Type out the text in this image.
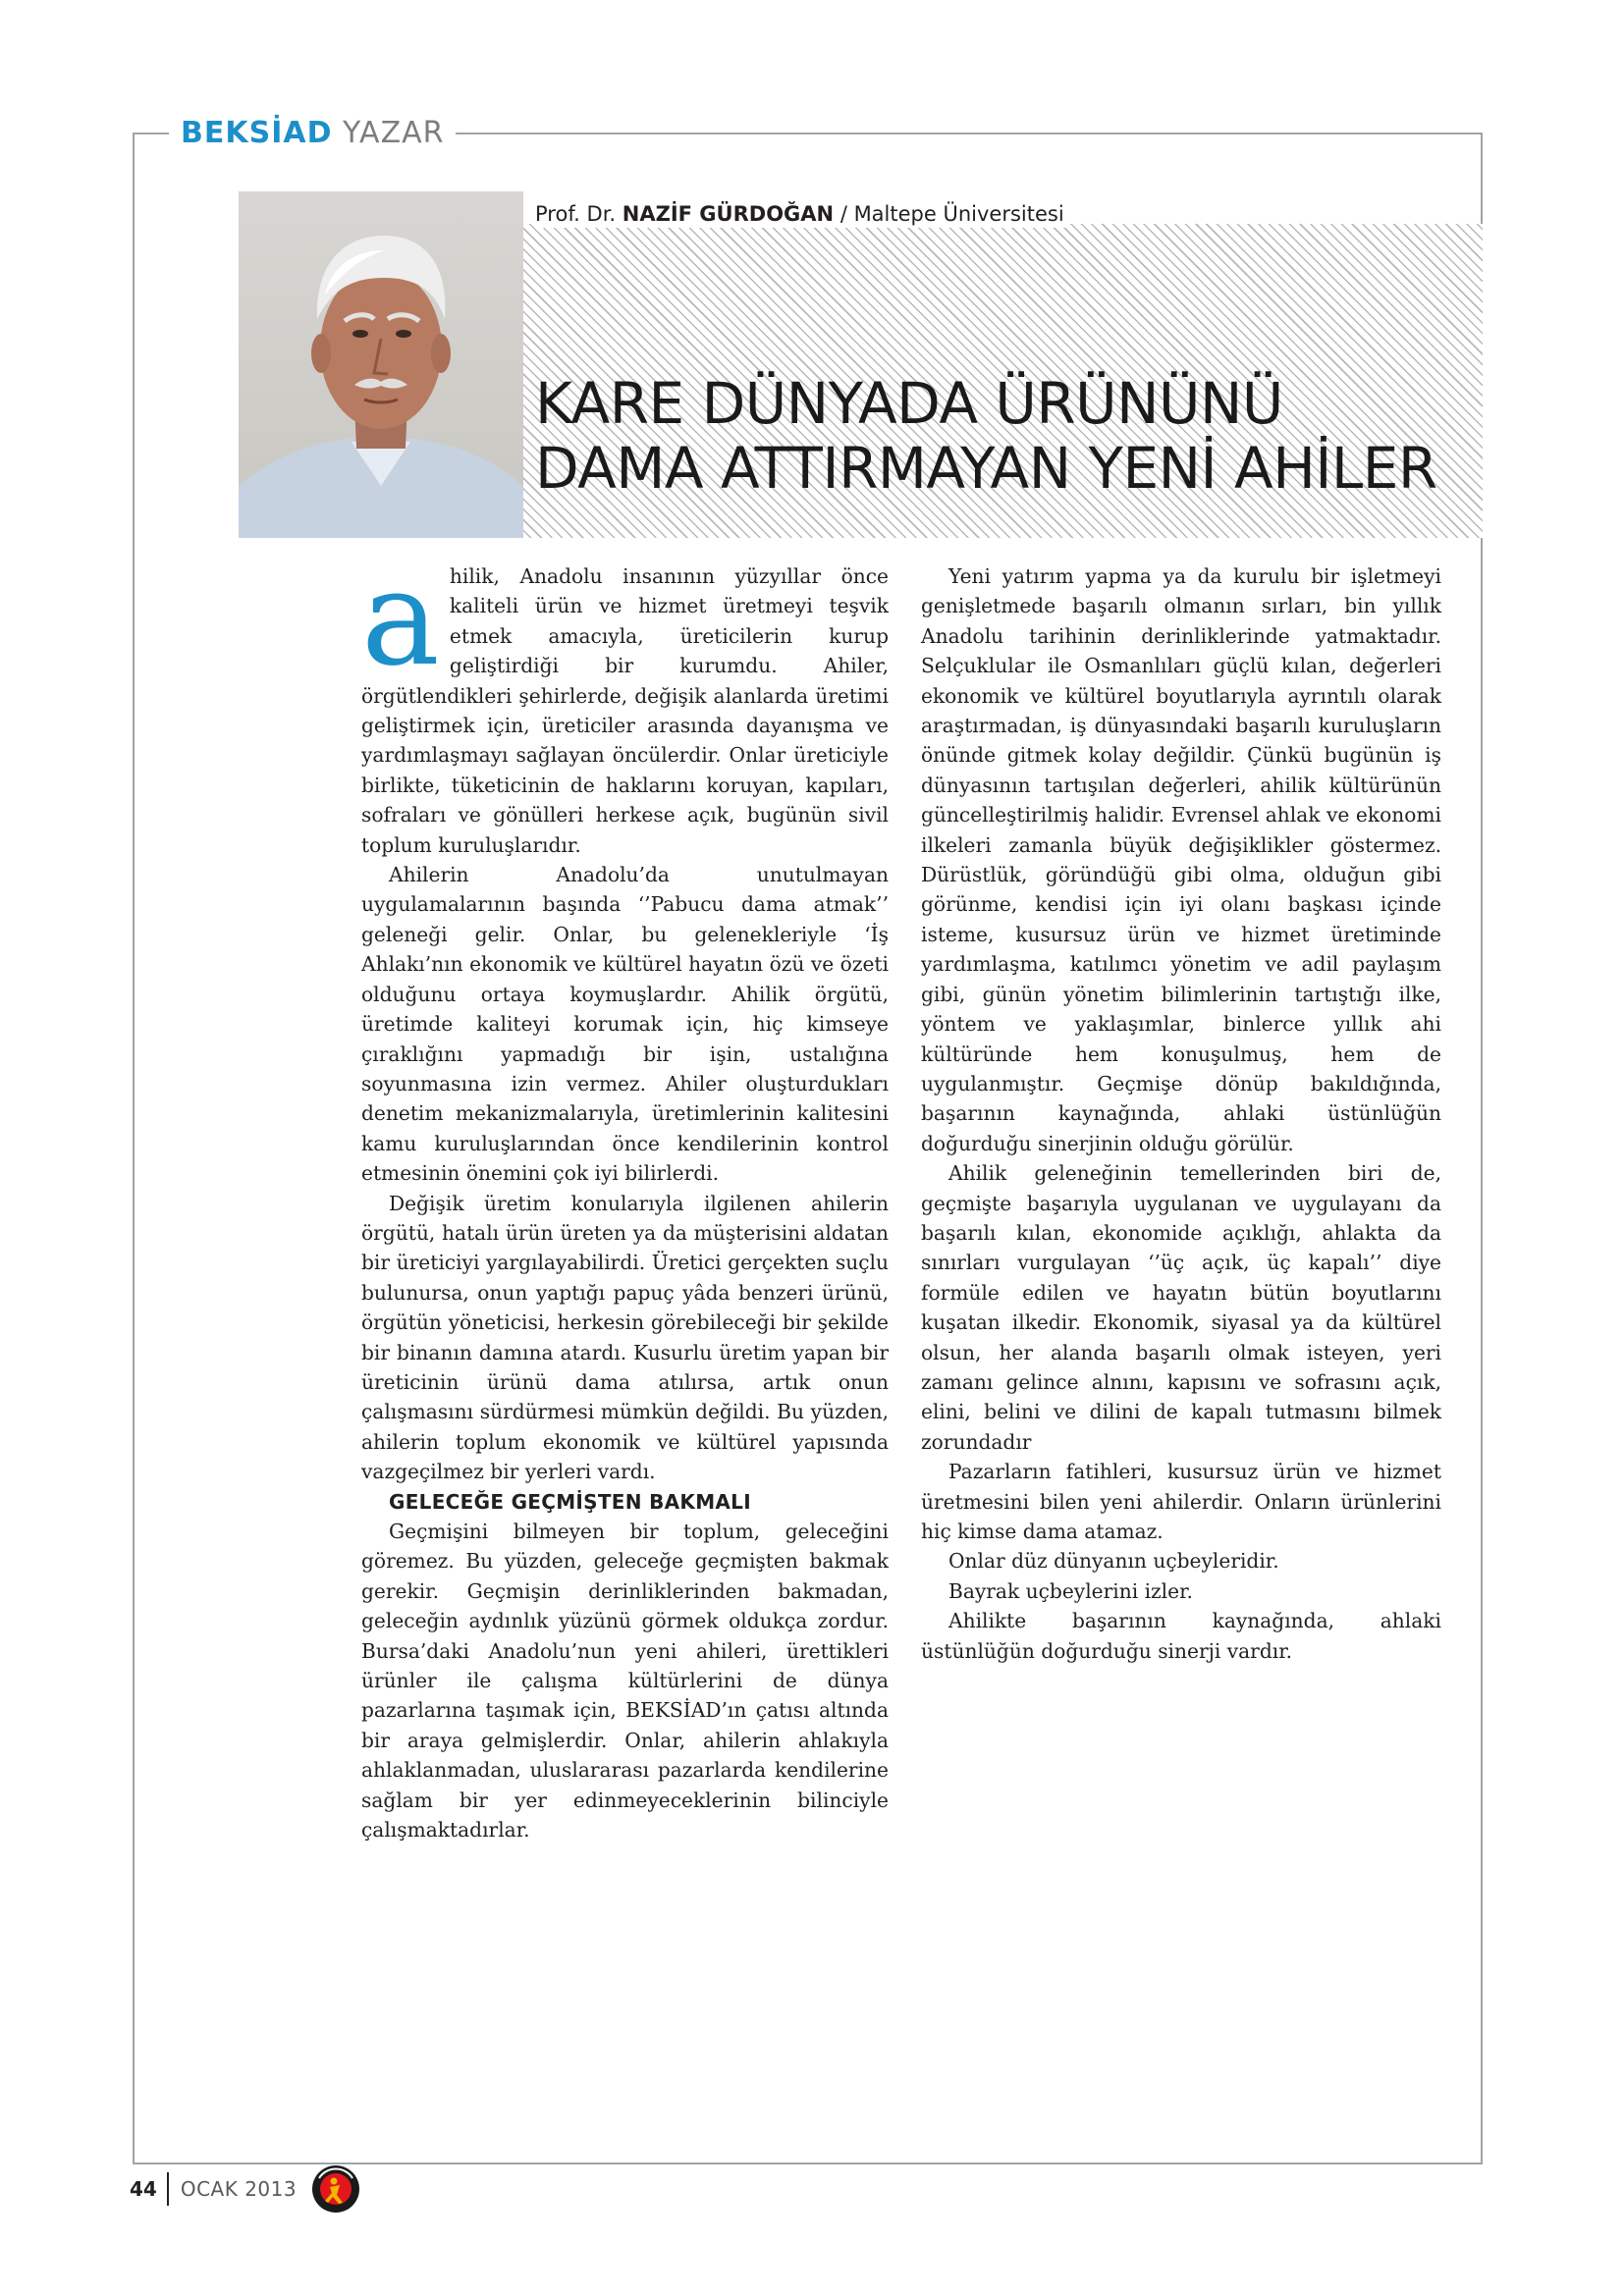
BEKSİAD YAZAR
Prof. Dr. NAZİF GÜRDOĞAN / Maltepe Üniversitesi
KARE DÜNYADA ÜRÜNÜNÜ
DAMA ATTIRMAYAN YENİ AHİLER
a hilik, Anadolu insanının yüzyıllar önce kaliteli ürün ve hizmet üretmeyi teşvik etmek amacıyla, üreticilerin kurup geliştirdiği bir kurumdu. Ahiler, örgütlendikleri şehirlerde, değişik alanlarda üretimi geliştirmek için, üreticiler arasında dayanışma ve yardımlaşmayı sağlayan öncülerdir. Onlar üreticiyle birlikte, tüketicinin de haklarını koruyan, kapıları, sofraları ve gönülleri herkese açık, bugünün sivil toplum kuruluşlarıdır.

Ahilerin Anadolu’da unutulmayan uygulamalarının başında ‘’Pabucu dama atmak’’ geleneği gelir. Onlar, bu gelenekleriyle ‘İş Ahlakı’nın ekonomik ve kültürel hayatın özü ve özeti olduğunu ortaya koymuşlardır. Ahilik örgütü, üretimde kaliteyi korumak için, hiç kimseye çıraklığını yapmadığı bir işin, ustalığına soyunmasına izin vermez. Ahiler oluşturdukları denetim mekanizmalarıyla, üretimlerinin kalitesini kamu kuruluşlarından önce kendilerinin kontrol etmesinin önemini çok iyi bilirlerdi.

Değişik üretim konularıyla ilgilenen ahilerin örgütü, hatalı ürün üreten ya da müşterisini aldatan bir üreticiyi yargılayabilirdi. Üretici gerçekten suçlu bulunursa, onun yaptığı papuç yâda benzeri ürünü, örgütün yöneticisi, herkesin görebileceği bir şekilde bir binanın damına atardı. Kusurlu üretim yapan bir üreticinin ürünü dama atılırsa, artık onun çalışmasını sürdürmesi mümkün değildi. Bu yüzden, ahilerin toplum ekonomik ve kültürel yapısında vazgeçilmez bir yerleri vardı.

GELECEĞE GEÇMİŞTEN BAKMALI

Geçmişini bilmeyen bir toplum, geleceğini göremez. Bu yüzden, geleceğe geçmişten bakmak gerekir. Geçmişin derinliklerinden bakmadan, geleceğin aydınlık yüzünü görmek oldukça zordur. Bursa’daki Anadolu’nun yeni ahileri, ürettikleri ürünler ile çalışma kültürlerini de dünya pazarlarına taşımak için, BEKSİAD’ın çatısı altında bir araya gelmişlerdir. Onlar, ahilerin ahlakıyla ahlaklanmadan, uluslararası pazarlarda kendilerine sağlam bir yer edinmeyeceklerinin bilinciyle çalışmaktadırlar.

Yeni yatırım yapma ya da kurulu bir işletmeyi genişletmede başarılı olmanın sırları, bin yıllık Anadolu tarihinin derinliklerinde yatmaktadır. Selçuklular ile Osmanlıları güçlü kılan, değerleri ekonomik ve kültürel boyutlarıyla ayrıntılı olarak araştırmadan, iş dünyasındaki başarılı kuruluşların önünde gitmek kolay değildir. Çünkü bugünün iş dünyasının tartışılan değerleri, ahilik kültürünün güncelleştirilmiş halidir. Evrensel ahlak ve ekonomi ilkeleri zamanla büyük değişiklikler göstermez. Dürüstlük, göründüğü gibi olma, olduğun gibi görünme, kendisi için iyi olanı başkası içinde isteme, kusursuz ürün ve hizmet üretiminde yardımlaşma, katılımcı yönetim ve adil paylaşım gibi, günün yönetim bilimlerinin tartıştığı ilke, yöntem ve yaklaşımlar, binlerce yıllık ahi kültüründe hem konuşulmuş, hem de uygulanmıştır. Geçmişe dönüp bakıldığında, başarının kaynağında, ahlaki üstünlüğün doğurduğu sinerjinin olduğu görülür.

Ahilik geleneğinin temellerinden biri de, geçmişte başarıyla uygulanan ve uygulayanı da başarılı kılan, ekonomide açıklığı, ahlakta da sınırları vurgulayan ‘’üç açık, üç kapalı’’ diye formüle edilen ve hayatın bütün boyutlarını kuşatan ilkedir. Ekonomik, siyasal ya da kültürel olsun, her alanda başarılı olmak isteyen, yeri zamanı gelince alnını, kapısını ve sofrasını açık, elini, belini ve dilini de kapalı tutmasını bilmek zorundadır

Pazarların fatihleri, kusursuz ürün ve hizmet üretmesini bilen yeni ahilerdir. Onların ürünlerini hiç kimse dama atamaz.

Onlar düz dünyanın uçbeyleridir.

Bayrak uçbeylerini izler.

Ahilikte başarının kaynağında, ahlaki üstünlüğün doğurduğu sinerji vardır.

44 OCAK 2013
